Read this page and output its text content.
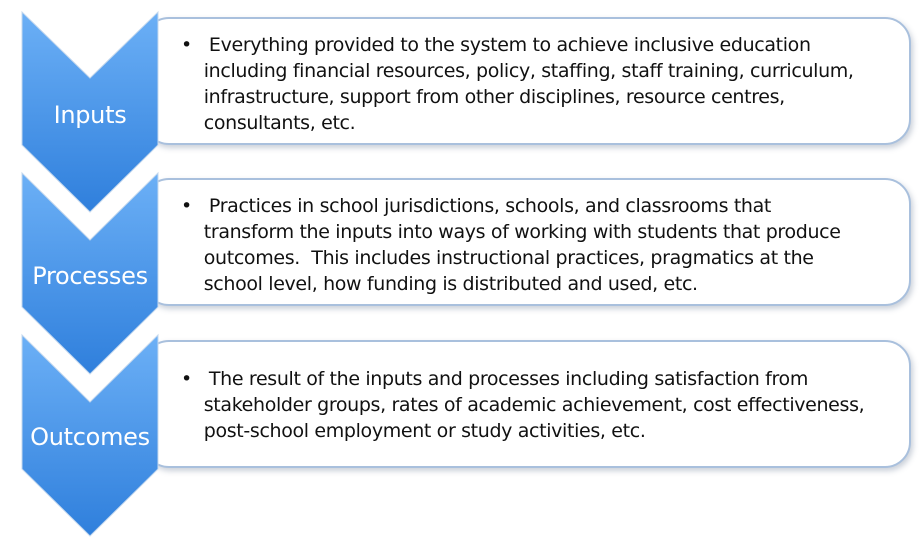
•   Everything provided to the system to achieve inclusive education
including financial resources, policy, staffing, staff training, curriculum,
infrastructure, support from other disciplines, resource centres,
consultants, etc.
•   Practices in school jurisdictions, schools, and classrooms that
transform the inputs into ways of working with students that produce
outcomes.  This includes instructional practices, pragmatics at the
school level, how funding is distributed and used, etc.
•   The result of the inputs and processes including satisfaction from
stakeholder groups, rates of academic achievement, cost effectiveness,
post-school employment or study activities, etc.
Inputs
Processes
Outcomes
